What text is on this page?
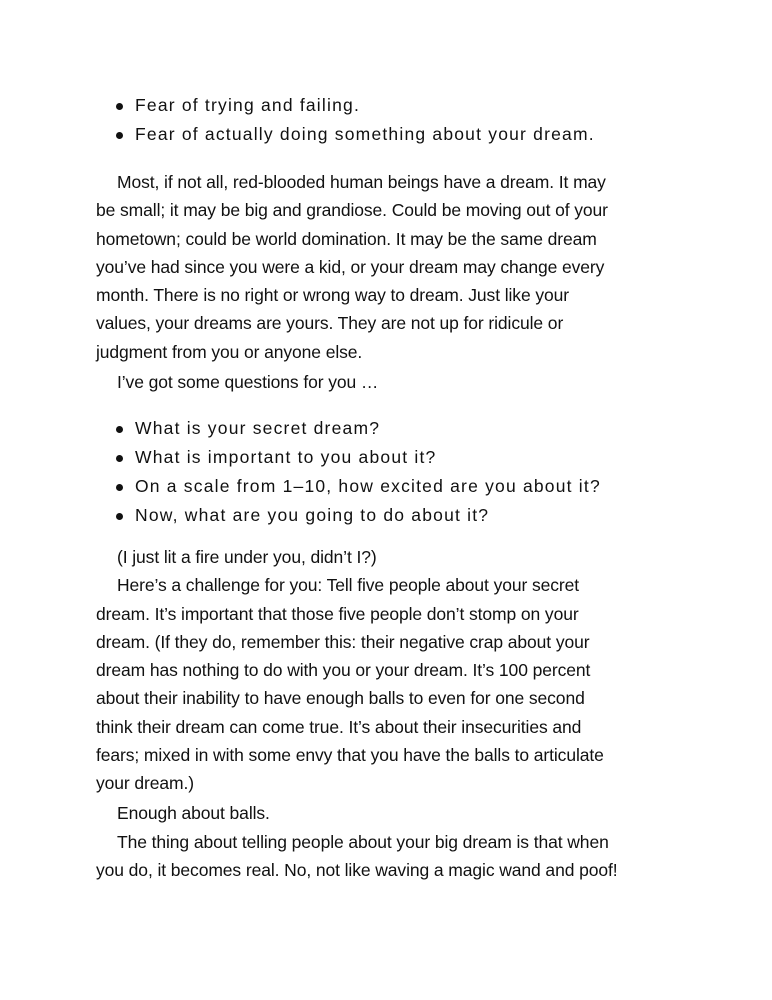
Fear of trying and failing.
Fear of actually doing something about your dream.

Most, if not all, red-blooded human beings have a dream. It may
be small; it may be big and grandiose. Could be moving out of your
hometown; could be world domination. It may be the same dream
you’ve had since you were a kid, or your dream may change every
month. There is no right or wrong way to dream. Just like your
values, your dreams are yours. They are not up for ridicule or
judgment from you or anyone else.

I’ve got some questions for you …

What is your secret dream?
What is important to you about it?
On a scale from 1–10, how excited are you about it?
Now, what are you going to do about it?

(I just lit a fire under you, didn’t I?)
Here’s a challenge for you: Tell five people about your secret
dream. It’s important that those five people don’t stomp on your
dream. (If they do, remember this: their negative crap about your
dream has nothing to do with you or your dream. It’s 100 percent
about their inability to have enough balls to even for one second
think their dream can come true. It’s about their insecurities and
fears; mixed in with some envy that you have the balls to articulate
your dream.)

Enough about balls.

The thing about telling people about your big dream is that when
you do, it becomes real. No, not like waving a magic wand and poof!
